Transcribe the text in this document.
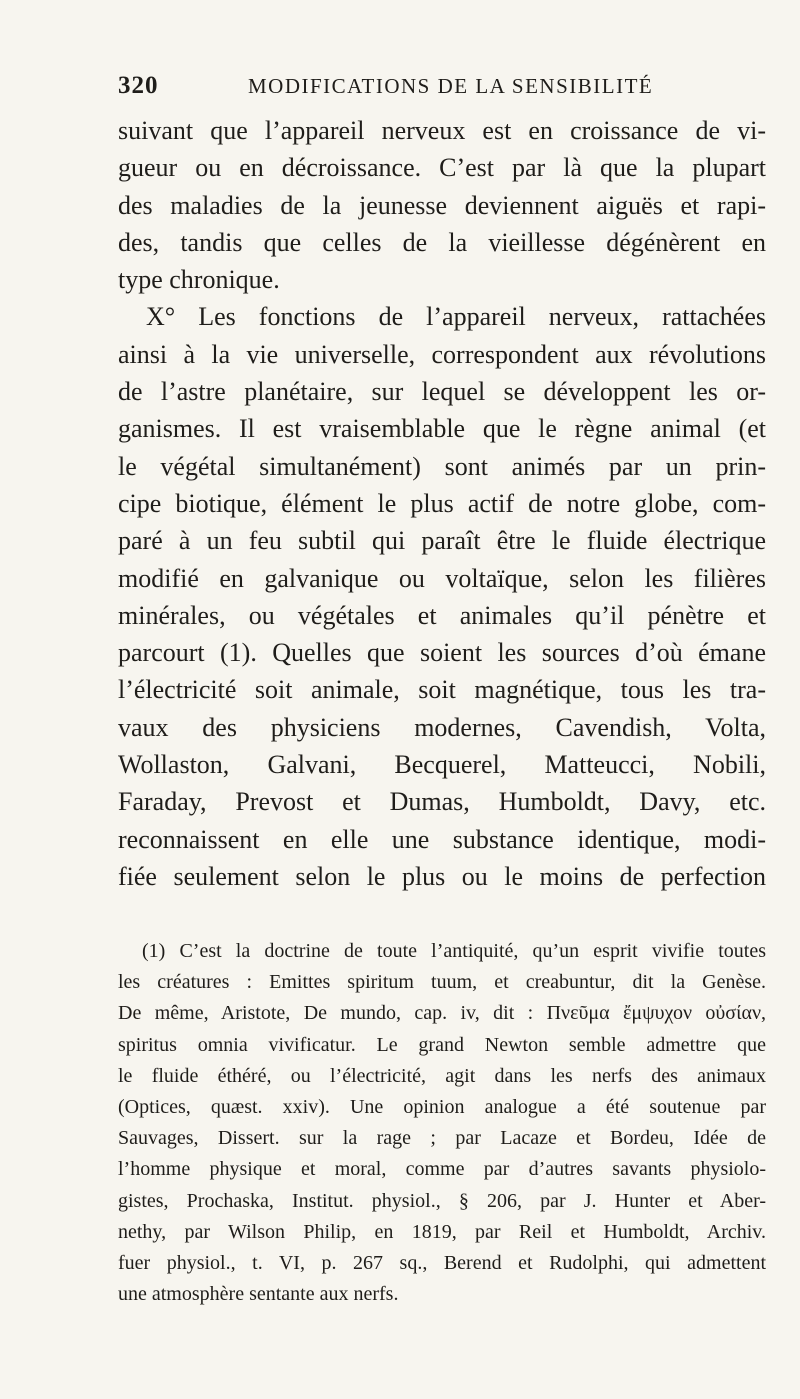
320	MODIFICATIONS DE LA SENSIBILITÉ
suivant que l’appareil nerveux est en croissance de vi-
gueur ou en décroissance. C’est par là que la plupart
des maladies de la jeunesse deviennent aiguës et rapi-
des, tandis que celles de la vieillesse dégénèrent en
type chronique.
X° Les fonctions de l’appareil nerveux, rattachées
ainsi à la vie universelle, correspondent aux révolutions
de l’astre planétaire, sur lequel se développent les or-
ganismes. Il est vraisemblable que le règne animal (et
le végétal simultanément) sont animés par un prin-
cipe biotique, élément le plus actif de notre globe, com-
paré à un feu subtil qui paraît être le fluide électrique
modifié en galvanique ou voltaïque, selon les filières
minérales, ou végétales et animales qu’il pénètre et
parcourt (1). Quelles que soient les sources d’où émane
l’électricité soit animale, soit magnétique, tous les tra-
vaux des physiciens modernes, Cavendish, Volta,
Wollaston, Galvani, Becquerel, Matteucci, Nobili,
Faraday, Prevost et Dumas, Humboldt, Davy, etc.
reconnaissent en elle une substance identique, modi-
fiée seulement selon le plus ou le moins de perfection
(1) C’est la doctrine de toute l’antiquité, qu’un esprit vivifie toutes
les créatures : Emittes spiritum tuum, et creabuntur, dit la Genèse.
De même, Aristote, De mundo, cap. iv, dit : Πνεῦμα ἔμψυχον οὐσίαν,
spiritus omnia vivificatur. Le grand Newton semble admettre que
le fluide éthéré, ou l’électricité, agit dans les nerfs des animaux
(Optices, quæst. xxiv). Une opinion analogue a été soutenue par
Sauvages, Dissert. sur la rage ; par Lacaze et Bordeu, Idée de
l’homme physique et moral, comme par d’autres savants physiolo-
gistes, Prochaska, Institut. physiol., § 206, par J. Hunter et Aber-
nethy, par Wilson Philip, en 1819, par Reil et Humboldt, Archiv.
fuer physiol., t. VI, p. 267 sq., Berend et Rudolphi, qui admettent
une atmosphère sentante aux nerfs.
